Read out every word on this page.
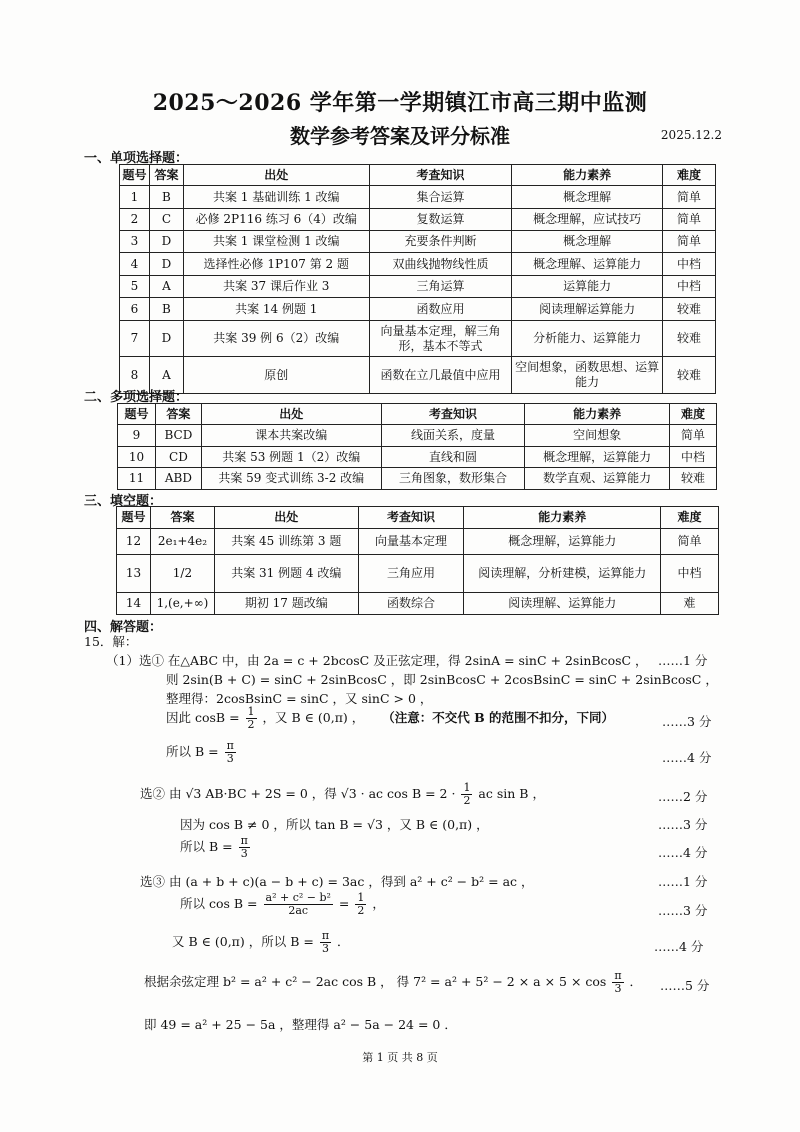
2025～2026 学年第一学期镇江市高三期中监测
数学参考答案及评分标准	2025.12.2
一、单项选择题：
题号	答案	出处	考查知识	能力素养	难度
1	B	共案 1 基础训练 1 改编	集合运算	概念理解	简单
2	C	必修 2P116 练习 6（4）改编	复数运算	概念理解，应试技巧	简单
3	D	共案 1 课堂检测 1 改编	充要条件判断	概念理解	简单
4	D	选择性必修 1P107 第 2 题	双曲线抛物线性质	概念理解、运算能力	中档
5	A	共案 37 课后作业 3	三角运算	运算能力	中档
6	B	共案 14 例题 1	函数应用	阅读理解运算能力	较难
7	D	共案 39 例 6（2）改编	向量基本定理，解三角形，基本不等式	分析能力、运算能力	较难
8	A	原创	函数在立几最值中应用	空间想象，函数思想、运算能力	较难
二、多项选择题：
题号	答案	出处	考查知识	能力素养	难度
9	BCD	课本共案改编	线面关系，度量	空间想象	简单
10	CD	共案 53 例题 1（2）改编	直线和圆	概念理解，运算能力	中档
11	ABD	共案 59 变式训练 3-2 改编	三角图象，数形集合	数学直观、运算能力	较难
三、填空题：
题号	答案	出处	考查知识	能力素养	难度
12	2e₁+4e₂	共案 45 训练第 3 题	向量基本定理	概念理解，运算能力	简单
13	1/2	共案 31 例题 4 改编	三角应用	阅读理解，分析建模，运算能力	中档
14	1,(e,+∞)	期初 17 题改编	函数综合	阅读理解、运算能力	难
四、解答题：
15．解：
（1）选① 在△ABC 中，由 2a = c + 2bcosC 及正弦定理，得 2sinA = sinC + 2sinBcosC ， ……1 分
则 2sin(B + C) = sinC + 2sinBcosC ，即 2sinBcosC + 2cosBsinC = sinC + 2sinBcosC ，
整理得：2cosBsinC = sinC ，又 sinC > 0 ，
因此 $\cos B = \frac{1}{2}$ ，又 B ∈ (0,π) ， （注意：不交代 B 的范围不扣分，下同）	……3 分
所以 $B = \frac{\pi}{3}$	……4 分
选② 由 √3 AB·BC + 2S = 0 ，得 √3 · ac $\cos B = 2 \cdot \frac{1}{2}$ ac sin B ，	……2 分
因为 cos B ≠ 0 ，所以 tan B = √3 ，又 B ∈ (0,π) ，	……3 分
所以 $B = \frac{\pi}{3}$	……4 分
选③ 由 (a + b + c)(a − b + c) = 3ac ，得到 a² + c² − b² = ac ，	……1 分
所以 $\cos B = \frac{\text{a² + c² − b²}}{2ac} = \frac{1}{2}$ ，	……3 分
又 B ∈ (0,π) ，所以 $B = \frac{\pi}{3}$ ．	……4 分
根据余弦定理 b² = a² + c² − 2ac cos B ， 得 $7^2 = a^2 + 5^2 - 2 \times a \times 5 \times \cos \frac{\pi}{3}$ ． ……5 分
即 49 = a² + 25 − 5a ，整理得 a² − 5a − 24 = 0 ．
第 1 页 共 8 页
